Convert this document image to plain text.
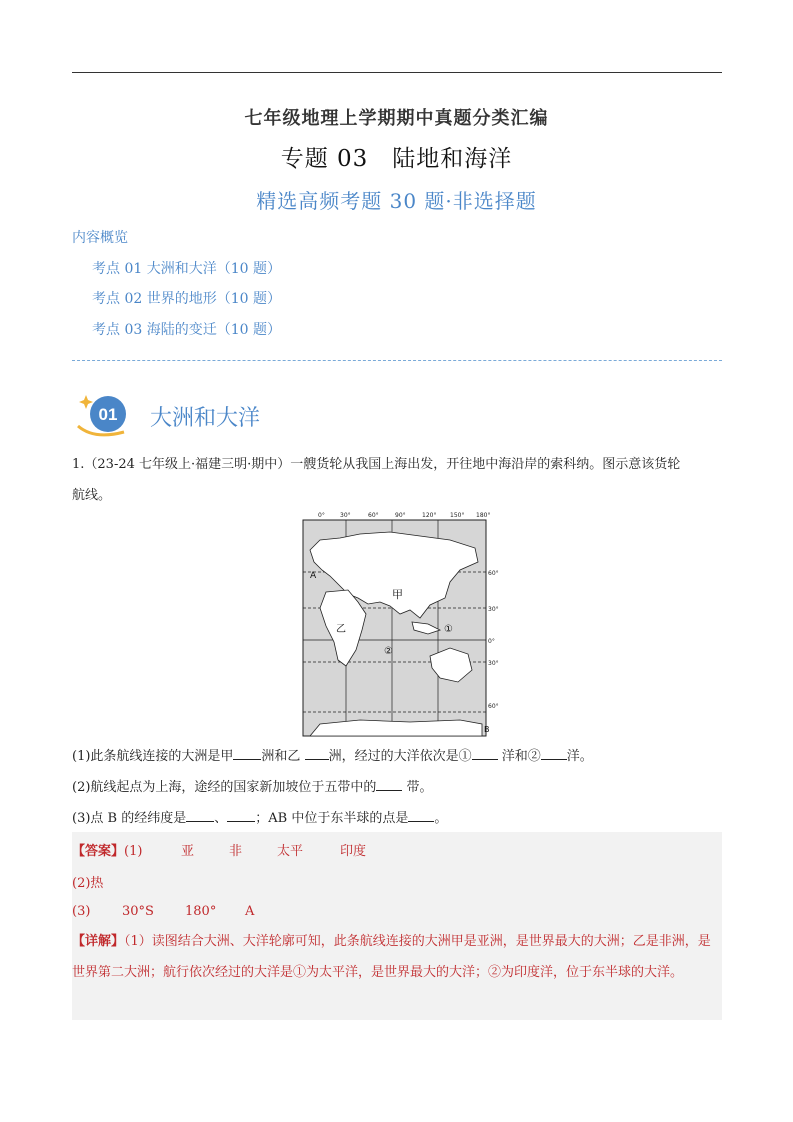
七年级地理上学期期中真题分类汇编
专题 03　陆地和海洋
精选高频考题 30 题·非选择题
内容概览
考点 01 大洲和大洋（10 题）
考点 02 世界的地形（10 题）
考点 03 海陆的变迁（10 题）
01 大洲和大洋
1.（23-24 七年级上·福建三明·期中）一艘货轮从我国上海出发，开往地中海沿岸的索科纳。图示意该货轮
航线。
0°	30°	60°	90°	120° 150° 180°
60°
30°
0°
30°
60°
A
甲
乙	①
②
B
(1)此条航线连接的大洲是甲 洲和乙 洲，经过的大洋依次是① 洋和② 洋。
(2)航线起点为上海，途经的国家新加坡位于五带中的 带。
(3)点 B 的经纬度是 、 ；AB 中位于东半球的点是 。
【答案】(1)	亚	非	太平	印度
(2)热
(3) 30°S 180° A
【详解】（1）读图结合大洲、大洋轮廓可知，此条航线连接的大洲甲是亚洲，是世界最大的大洲；乙是非洲，是世界第二大洲；航行依次经过的大洋是①为太平洋，是世界最大的大洋；②为印度洋，位于东半球的大洋。
